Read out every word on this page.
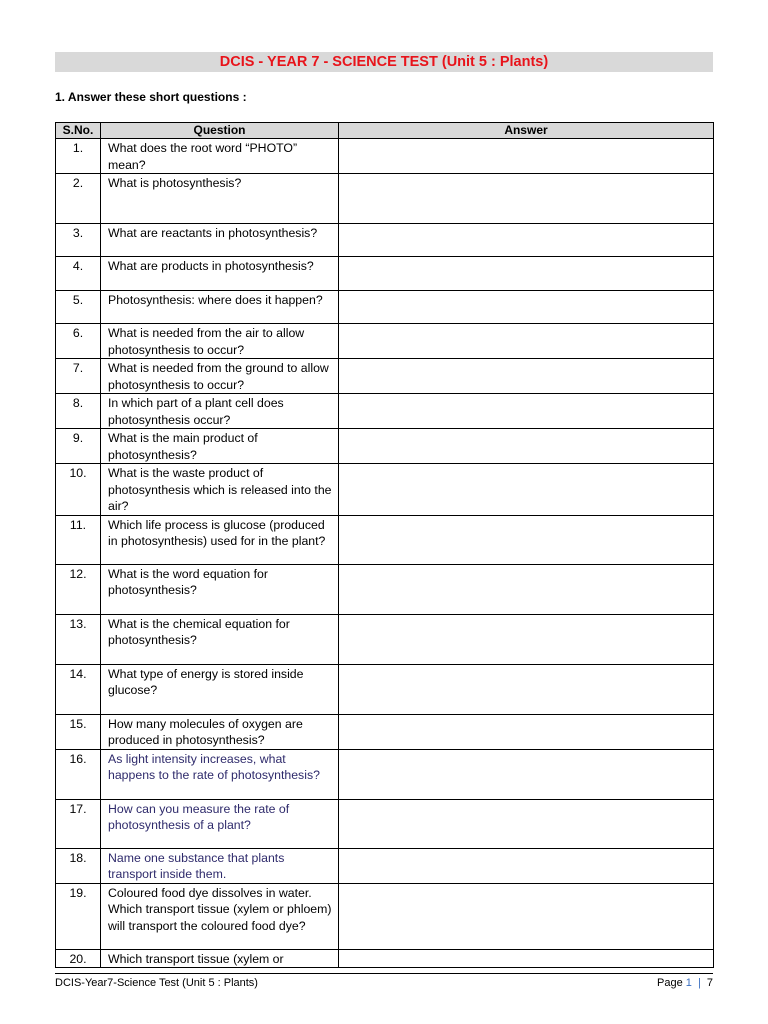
DCIS - YEAR 7 - SCIENCE TEST (Unit 5 : Plants)
1. Answer these short questions :
S.No.	Question	Answer
1.	What does the root word “PHOTO” mean?	
2.	What is photosynthesis?	
3.	What are reactants in photosynthesis?	
4.	What are products in photosynthesis?	
5.	Photosynthesis: where does it happen?	
6.	What is needed from the air to allow photosynthesis to occur?	
7.	What is needed from the ground to allow photosynthesis to occur?	
8.	In which part of a plant cell does photosynthesis occur?	
9.	What is the main product of photosynthesis?	
10.	What is the waste product of photosynthesis which is released into the air?	
11.	Which life process is glucose (produced in photosynthesis) used for in the plant?	
12.	What is the word equation for photosynthesis?	
13.	What is the chemical equation for photosynthesis?	
14.	What type of energy is stored inside glucose?	
15.	How many molecules of oxygen are produced in photosynthesis?	
16.	As light intensity increases, what happens to the rate of photosynthesis?	
17.	How can you measure the rate of photosynthesis of a plant?	
18.	Name one substance that plants transport inside them.	
19.	Coloured food dye dissolves in water. Which transport tissue (xylem or phloem) will transport the coloured food dye?	
20.	Which transport tissue (xylem or	
DCIS-Year7-Science Test (Unit 5 : Plants)	Page 1 | 7
